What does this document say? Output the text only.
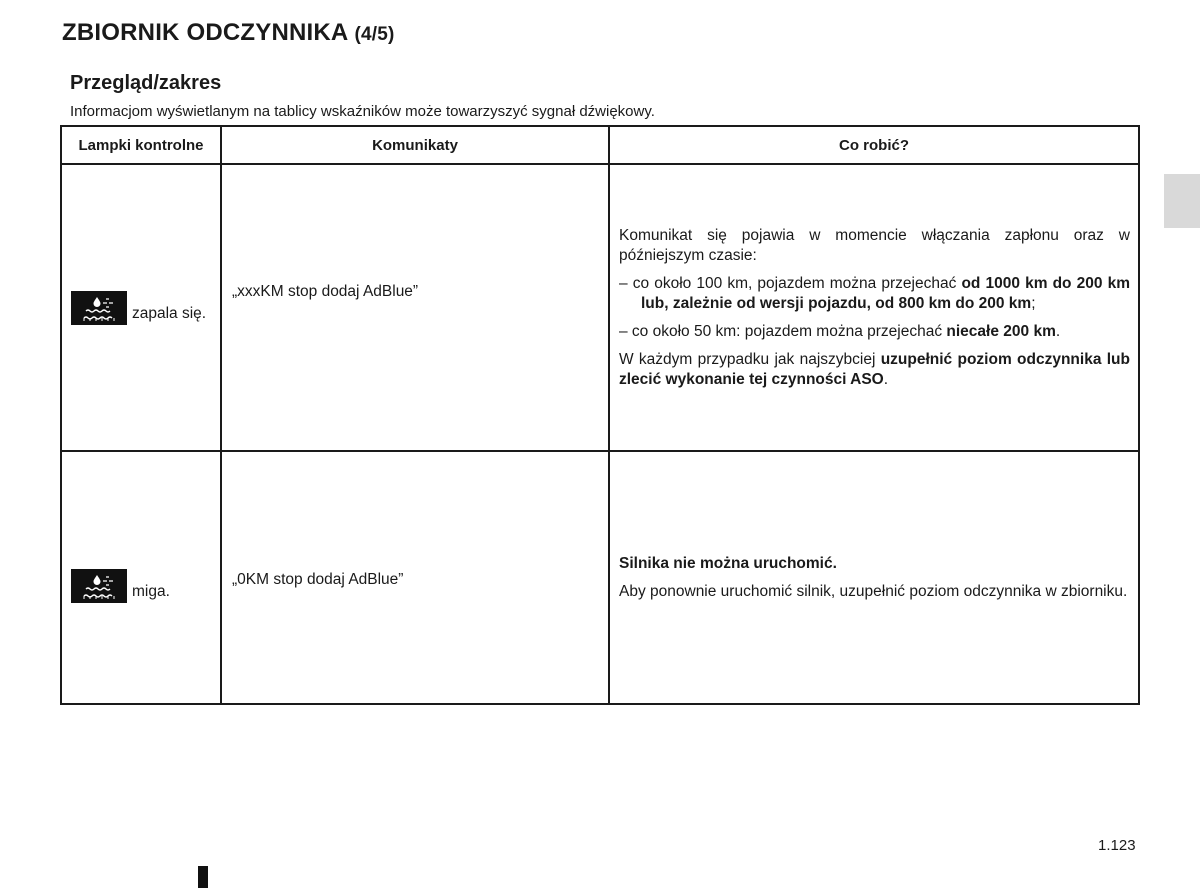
ZBIORNIK ODCZYNNIKA (4/5)
Przegląd/zakres

Informacjom wyświetlanym na tablicy wskaźników może towarzyszyć sygnał dźwiękowy.

Lampki kontrolne	Komunikaty	Co robić?

zapala się.	„xxxKM stop dodaj AdBlue”	Komunikat się pojawia w momencie włączania zapłonu oraz w późniejszym czasie:

– co około 100 km, pojazdem można przejechać od 1000 km do 200 km lub, zależnie od wersji pojazdu, od 800 km do 200 km;

– co około 50 km: pojazdem można przejechać niecałe 200 km.

W każdym przypadku jak najszybciej uzupełnić poziom odczynnika lub zlecić wykonanie tej czynności ASO.

miga.	„0KM stop dodaj AdBlue”	Silnika nie można uruchomić.

Aby ponownie uruchomić silnik, uzupełnić poziom odczynnika w zbiorniku.

1.123
